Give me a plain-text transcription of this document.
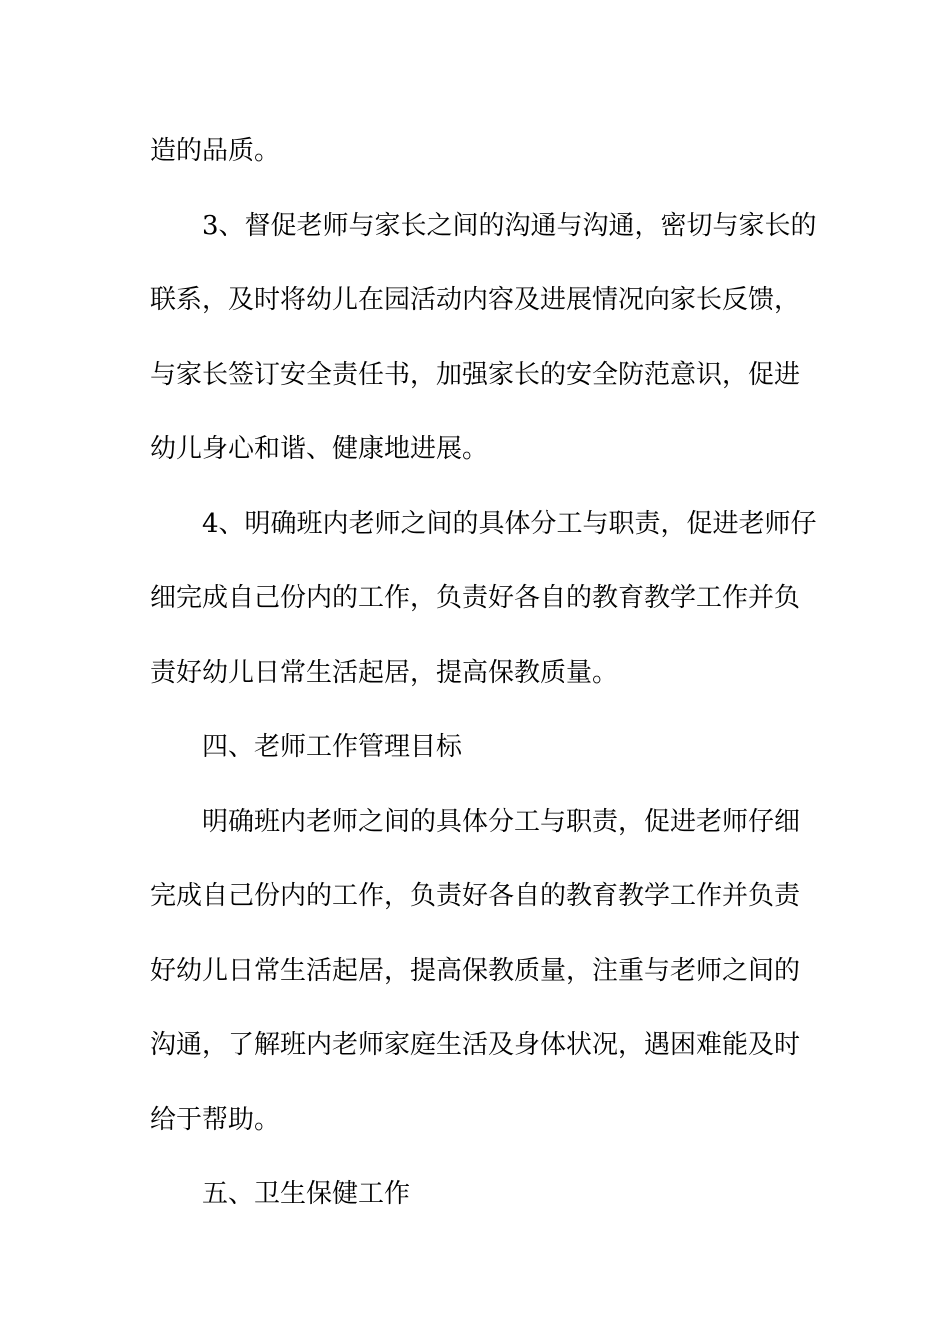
造的品质。
3、督促老师与家长之间的沟通与沟通，密切与家长的
联系，及时将幼儿在园活动内容及进展情况向家长反馈，
与家长签订安全责任书，加强家长的安全防范意识，促进
幼儿身心和谐、健康地进展。
4、明确班内老师之间的具体分工与职责，促进老师仔
细完成自己份内的工作，负责好各自的教育教学工作并负
责好幼儿日常生活起居，提高保教质量。
四、老师工作管理目标
明确班内老师之间的具体分工与职责，促进老师仔细
完成自己份内的工作，负责好各自的教育教学工作并负责
好幼儿日常生活起居，提高保教质量，注重与老师之间的
沟通，了解班内老师家庭生活及身体状况，遇困难能及时
给于帮助。
五、卫生保健工作
